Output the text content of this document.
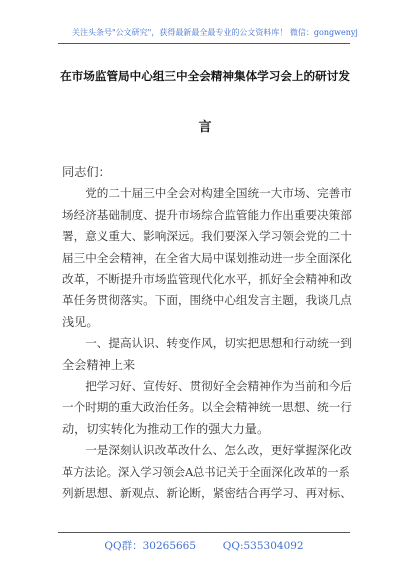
关注头条号"公文研究"，获得最新最全最专业的公文资料库！ 微信：gongwenyj
在市场监管局中心组三中全会精神集体学习会上的研讨发
言

同志们：

　　党的二十届三中全会对构建全国统一大市场、完善市

场经济基础制度、提升市场综合监管能力作出重要决策部

署，意义重大、影响深远。我们要深入学习领会党的二十

届三中全会精神，在全省大局中谋划推动进一步全面深化

改革，不断提升市场监管现代化水平，抓好全会精神和改

革任务贯彻落实。下面，围绕中心组发言主题，我谈几点

浅见。

　　一、提高认识、转变作风，切实把思想和行动统一到

全会精神上来

　　把学习好、宣传好、贯彻好全会精神作为当前和今后

一个时期的重大政治任务。以全会精神统一思想、统一行

动，切实转化为推动工作的强大力量。

　　一是深刻认识改革改什么、怎么改，更好掌握深化改

革方法论。深入学习领会A总书记关于全面深化改革的一系

列新思想、新观点、新论断，紧密结合再学习、再对标、

QQ群：30265665        QQ:535304092
